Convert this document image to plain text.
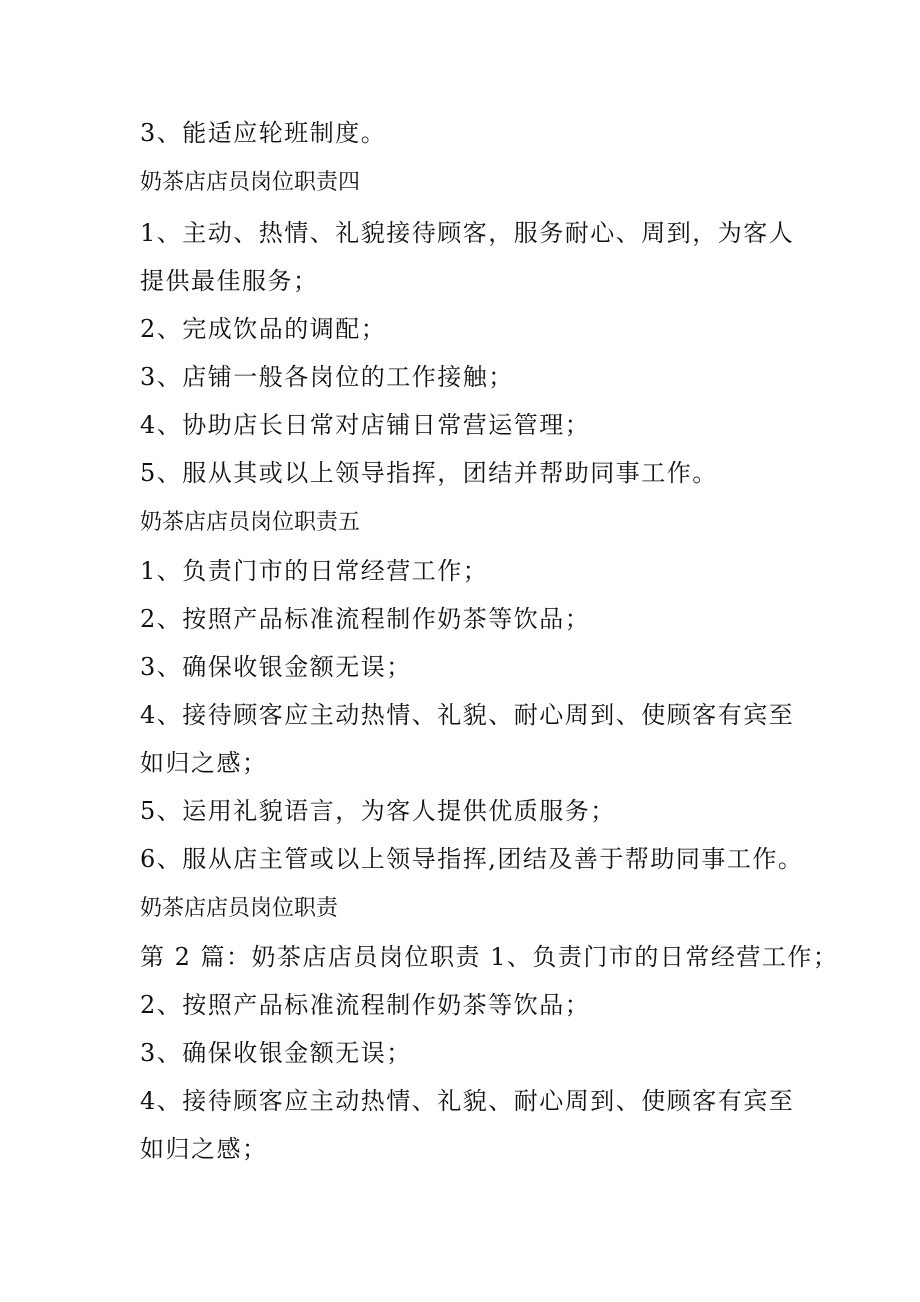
3、能适应轮班制度。
奶茶店店员岗位职责四
1、主动、热情、礼貌接待顾客，服务耐心、周到，为客人
提供最佳服务；
2、完成饮品的调配；
3、店铺一般各岗位的工作接触；
4、协助店长日常对店铺日常营运管理；
5、服从其或以上领导指挥，团结并帮助同事工作。
奶茶店店员岗位职责五
1、负责门市的日常经营工作；
2、按照产品标准流程制作奶茶等饮品；
3、确保收银金额无误；
4、接待顾客应主动热情、礼貌、耐心周到、使顾客有宾至
如归之感；
5、运用礼貌语言，为客人提供优质服务；
6、服从店主管或以上领导指挥,团结及善于帮助同事工作。
奶茶店店员岗位职责
第 2 篇：奶茶店店员岗位职责 1、负责门市的日常经营工作；
2、按照产品标准流程制作奶茶等饮品；
3、确保收银金额无误；
4、接待顾客应主动热情、礼貌、耐心周到、使顾客有宾至
如归之感；
